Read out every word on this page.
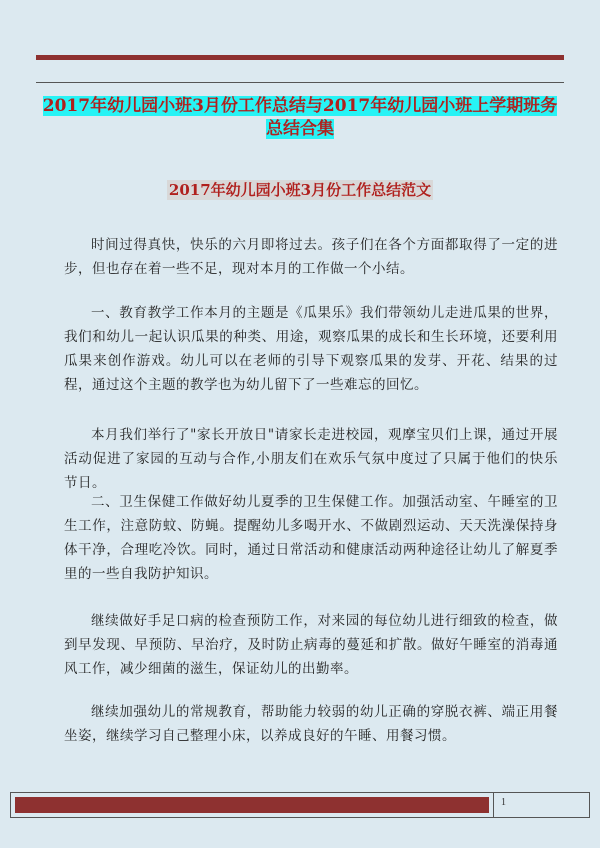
2017年幼儿园小班3月份工作总结与2017年幼儿园小班上学期班务总结合集
2017年幼儿园小班3月份工作总结范文

时间过得真快，快乐的六月即将过去。孩子们在各个方面都取得了一定的进步，但也存在着一些不足，现对本月的工作做一个小结。

一、教育教学工作本月的主题是《瓜果乐》我们带领幼儿走进瓜果的世界，我们和幼儿一起认识瓜果的种类、用途，观察瓜果的成长和生长环境，还要利用瓜果来创作游戏。幼儿可以在老师的引导下观察瓜果的发芽、开花、结果的过程，通过这个主题的教学也为幼儿留下了一些难忘的回忆。

本月我们举行了"家长开放日"请家长走进校园，观摩宝贝们上课，通过开展活动促进了家园的互动与合作,小朋友们在欢乐气氛中度过了只属于他们的快乐节日。

二、卫生保健工作做好幼儿夏季的卫生保健工作。加强活动室、午睡室的卫生工作，注意防蚊、防蝇。提醒幼儿多喝开水、不做剧烈运动、天天洗澡保持身体干净，合理吃冷饮。同时，通过日常活动和健康活动两种途径让幼儿了解夏季里的一些自我防护知识。

继续做好手足口病的检查预防工作，对来园的每位幼儿进行细致的检查，做到早发现、早预防、早治疗，及时防止病毒的蔓延和扩散。做好午睡室的消毒通风工作，减少细菌的滋生，保证幼儿的出勤率。

继续加强幼儿的常规教育，帮助能力较弱的幼儿正确的穿脱衣裤、端正用餐坐姿，继续学习自己整理小床，以养成良好的午睡、用餐习惯。

1
